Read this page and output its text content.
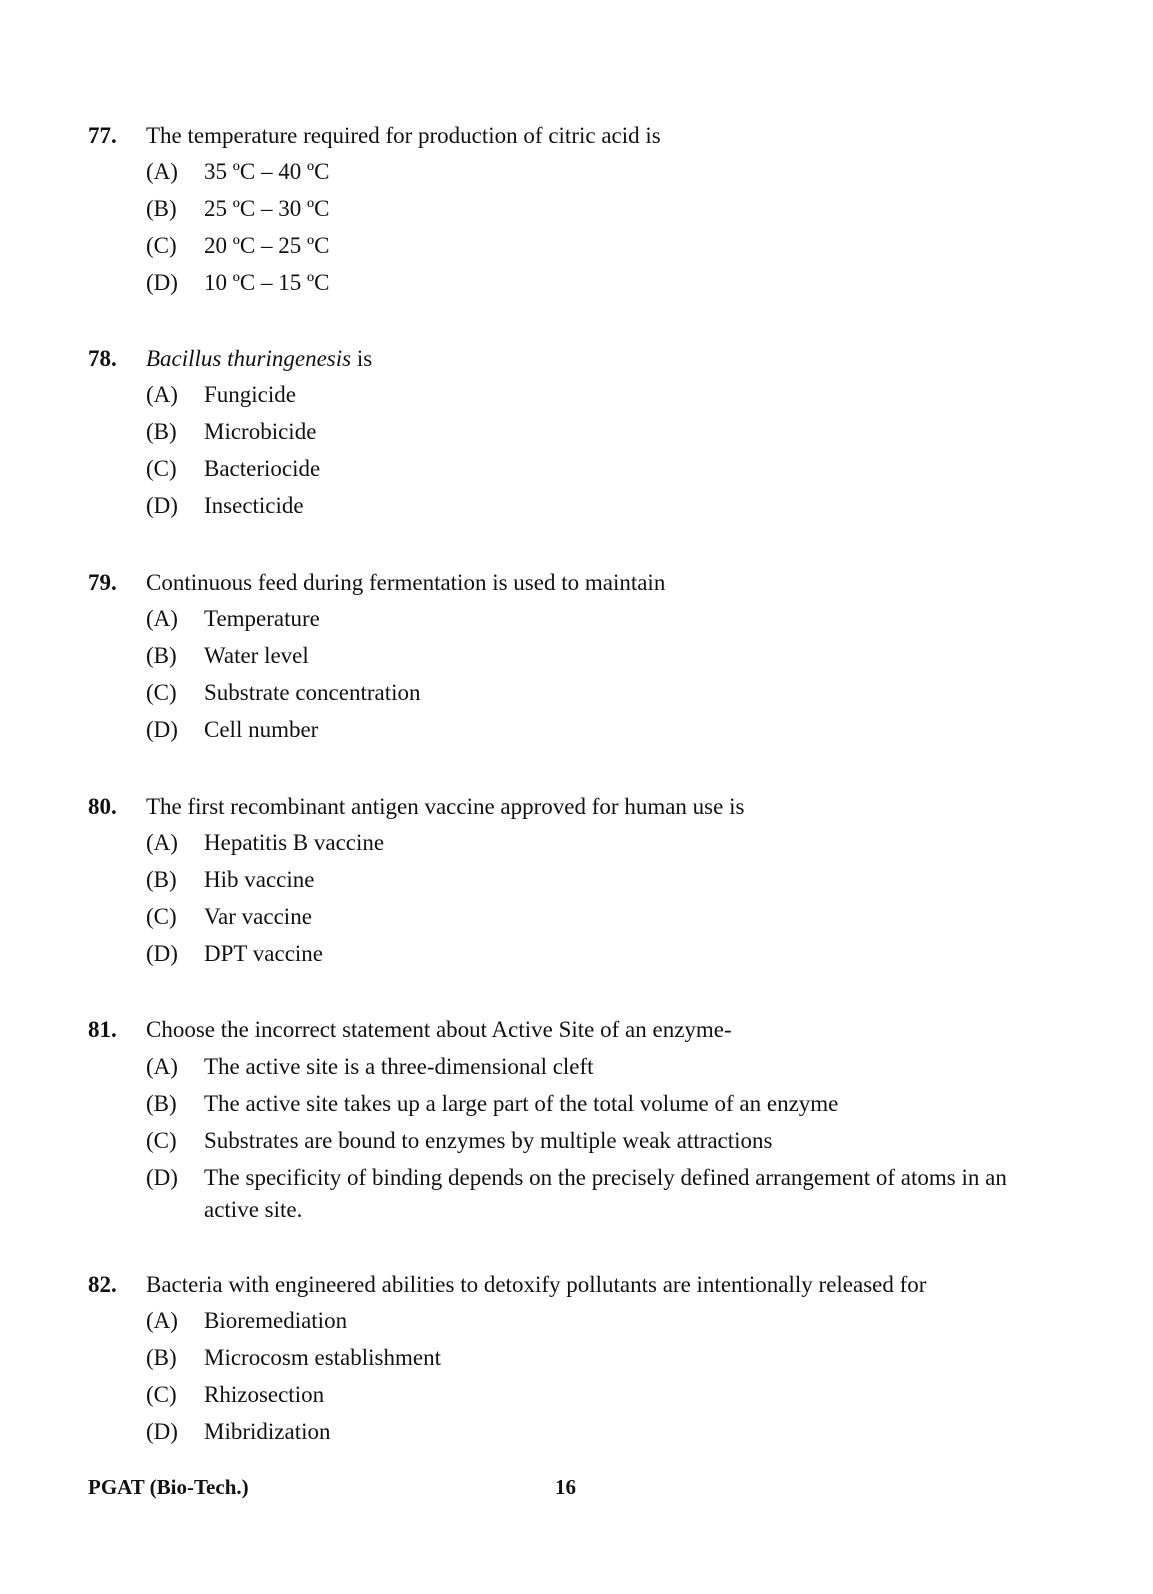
77. The temperature required for production of citric acid is
(A) 35 ºC – 40 ºC
(B) 25 ºC – 30 ºC
(C) 20 ºC – 25 ºC
(D) 10 ºC – 15 ºC
78. Bacillus thuringenesis is
(A) Fungicide
(B) Microbicide
(C) Bacteriocide
(D) Insecticide
79. Continuous feed during fermentation is used to maintain
(A) Temperature
(B) Water level
(C) Substrate concentration
(D) Cell number
80. The first recombinant antigen vaccine approved for human use is
(A) Hepatitis B vaccine
(B) Hib vaccine
(C) Var vaccine
(D) DPT vaccine
81. Choose the incorrect statement about Active Site of an enzyme-
(A) The active site is a three-dimensional cleft
(B) The active site takes up a large part of the total volume of an enzyme
(C) Substrates are bound to enzymes by multiple weak attractions
(D) The specificity of binding depends on the precisely defined arrangement of atoms in an active site.
82. Bacteria with engineered abilities to detoxify pollutants are intentionally released for
(A) Bioremediation
(B) Microcosm establishment
(C) Rhizosection
(D) Mibridization
PGAT (Bio-Tech.)	16
